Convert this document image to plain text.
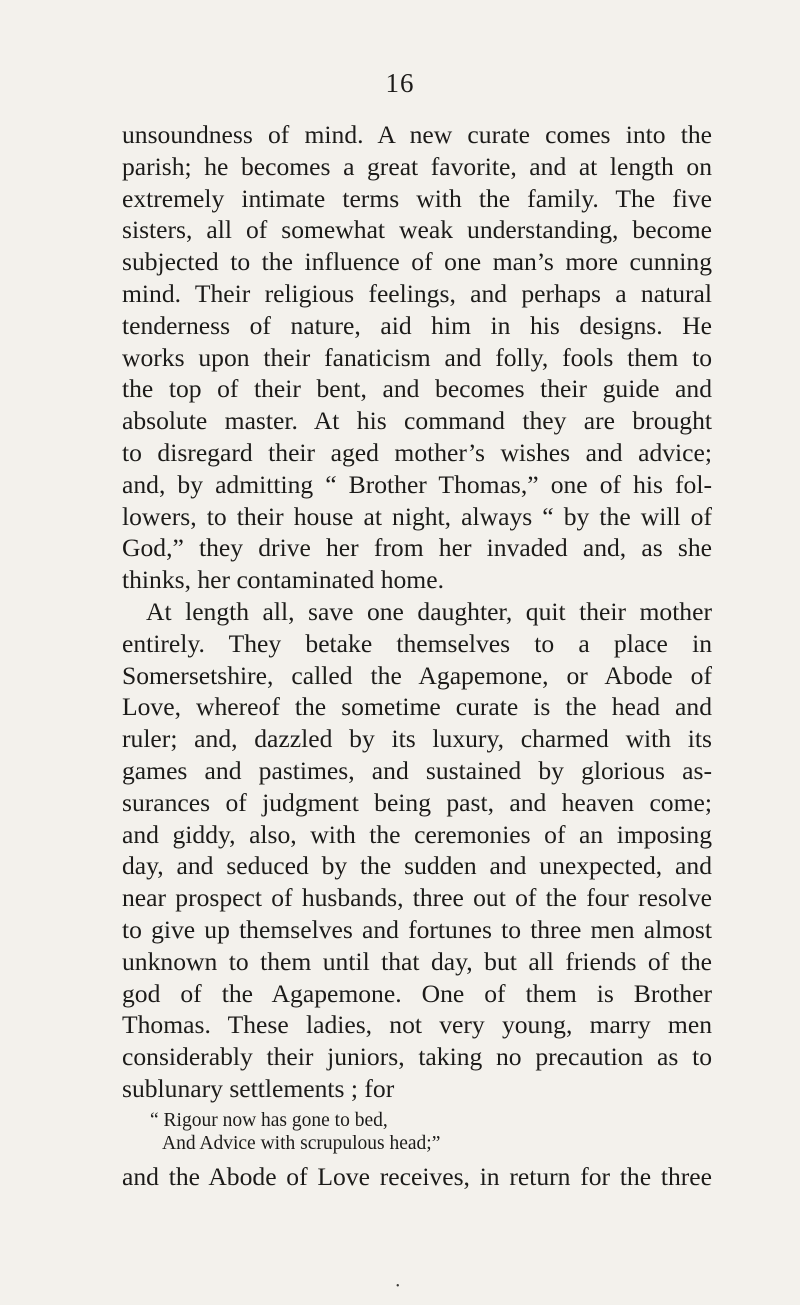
16
unsoundness of mind. A new curate comes into the
parish; he becomes a great favorite, and at length on
extremely intimate terms with the family. The five
sisters, all of somewhat weak understanding, become
subjected to the influence of one man’s more cunning
mind. Their religious feelings, and perhaps a natural
tenderness of nature, aid him in his designs. He
works upon their fanaticism and folly, fools them to
the top of their bent, and becomes their guide and
absolute master. At his command they are brought
to disregard their aged mother’s wishes and advice;
and, by admitting “ Brother Thomas,” one of his fol-
lowers, to their house at night, always “ by the will of
God,” they drive her from her invaded and, as she
thinks, her contaminated home.
At length all, save one daughter, quit their mother
entirely. They betake themselves to a place in
Somersetshire, called the Agapemone, or Abode of
Love, whereof the sometime curate is the head and
ruler; and, dazzled by its luxury, charmed with its
games and pastimes, and sustained by glorious as-
surances of judgment being past, and heaven come;
and giddy, also, with the ceremonies of an imposing
day, and seduced by the sudden and unexpected, and
near prospect of husbands, three out of the four resolve
to give up themselves and fortunes to three men almost
unknown to them until that day, but all friends of the
god of the Agapemone. One of them is Brother
Thomas. These ladies, not very young, marry men
considerably their juniors, taking no precaution as to
sublunary settlements ; for
“ Rigour now has gone to bed,
And Advice with scrupulous head;”
and the Abode of Love receives, in return for the three
•
